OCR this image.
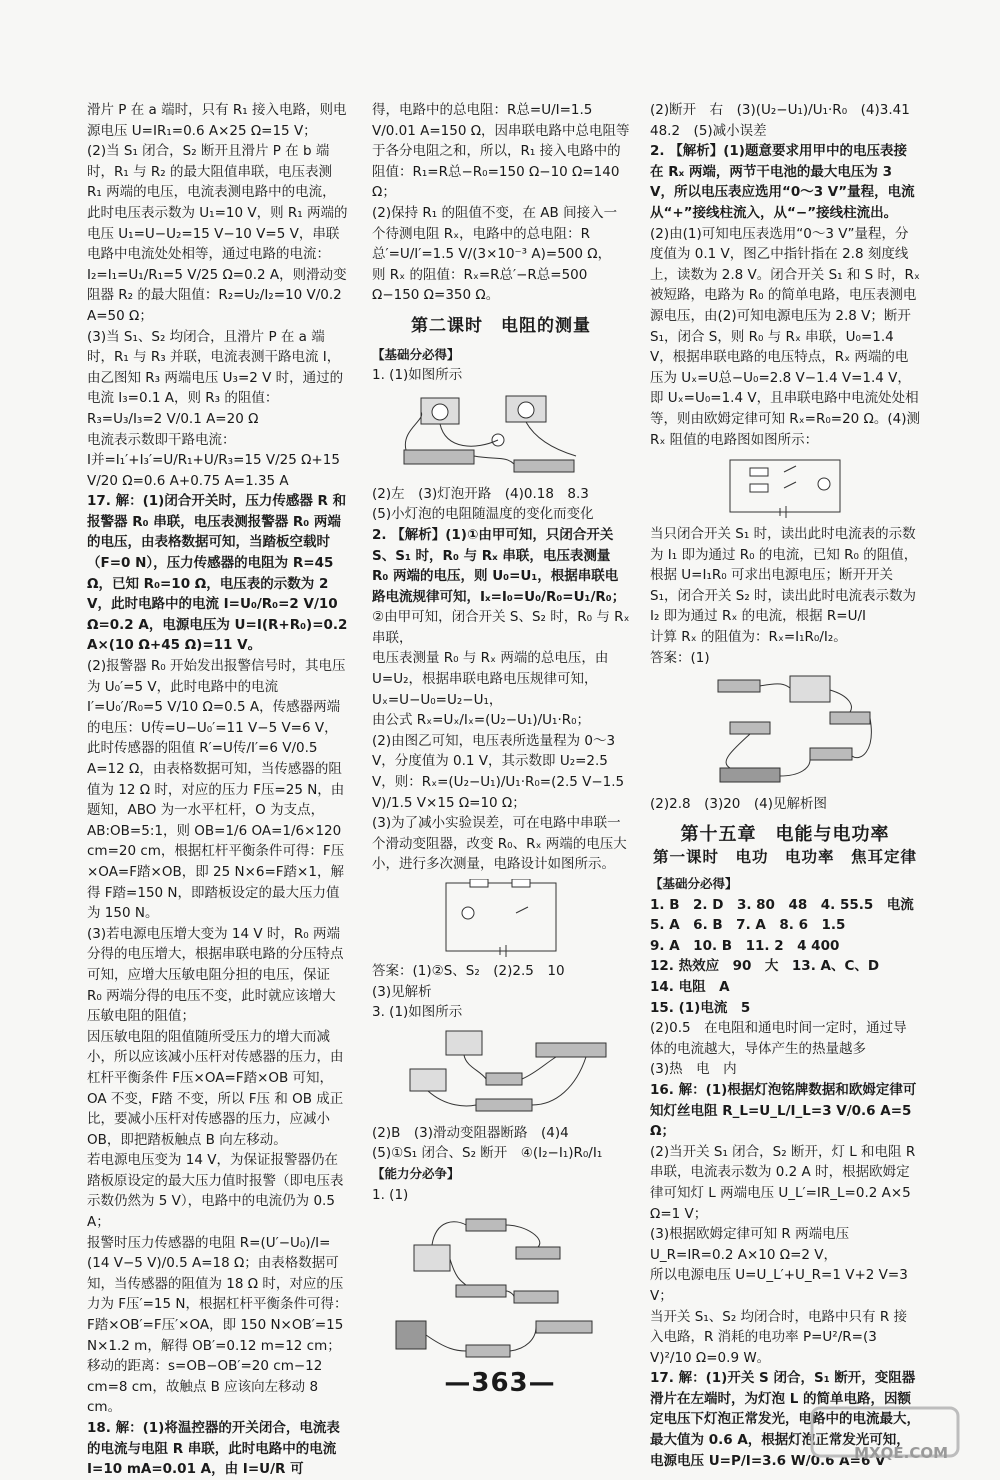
滑片 P 在 a 端时，只有 R₁ 接入电路，则电源电压 U=IR₁=0.6 A×25 Ω=15 V；

(2)当 S₁ 闭合，S₂ 断开且滑片 P 在 b 端时，R₁ 与 R₂ 的最大阻值串联，电压表测 R₁ 两端的电压，电流表测电路中的电流，此时电压表示数为 U₁=10 V，则 R₁ 两端的电压 U₁=U−U₂=15 V−10 V=5 V，串联电路中电流处处相等，通过电路的电流：I₂=I₁=U₁/R₁=5 V/25 Ω=0.2 A，则滑动变阻器 R₂ 的最大阻值：R₂=U₂/I₂=10 V/0.2 A=50 Ω；

(3)当 S₁、S₂ 均闭合，且滑片 P 在 a 端时，R₁ 与 R₃ 并联，电流表测干路电流 I，由乙图知 R₃ 两端电压 U₃=2 V 时，通过的电流 I₃=0.1 A，则 R₃ 的阻值：R₃=U₃/I₃=2 V/0.1 A=20 Ω

电流表示数即干路电流：

I并=I₁′+I₃′=U/R₁+U/R₃=15 V/25 Ω+15 V/20 Ω=0.6 A+0.75 A=1.35 A

17. 解：(1)闭合开关时，压力传感器 R 和报警器 R₀ 串联，电压表测报警器 R₀ 两端的电压，由表格数据可知，当踏板空载时（F=0 N），压力传感器的电阻为 R=45 Ω，已知 R₀=10 Ω，电压表的示数为 2 V，此时电路中的电流 I=U₀/R₀=2 V/10 Ω=0.2 A，电源电压为 U=I(R+R₀)=0.2 A×(10 Ω+45 Ω)=11 V。

(2)报警器 R₀ 开始发出报警信号时，其电压为 U₀′=5 V，此时电路中的电流 I′=U₀′/R₀=5 V/10 Ω=0.5 A，传感器两端的电压：U传=U−U₀′=11 V−5 V=6 V，此时传感器的阻值 R′=U传/I′=6 V/0.5 A=12 Ω，由表格数据可知，当传感器的阻值为 12 Ω 时，对应的压力 F压=25 N，由题知，ABO 为一水平杠杆，O 为支点，AB:OB=5:1，则 OB=1/6 OA=1/6×120 cm=20 cm，根据杠杆平衡条件可得：F压×OA=F踏×OB，即 25 N×6=F踏×1，解得 F踏=150 N，即踏板设定的最大压力值为 150 N。

(3)若电源电压增大变为 14 V 时，R₀ 两端分得的电压增大，根据串联电路的分压特点可知，应增大压敏电阻分担的电压，保证 R₀ 两端分得的电压不变，此时就应该增大压敏电阻的阻值；

因压敏电阻的阻值随所受压力的增大而减小，所以应该减小压杆对传感器的压力，由杠杆平衡条件 F压×OA=F踏×OB 可知，OA 不变，F踏 不变，所以 F压 和 OB 成正比，要减小压杆对传感器的压力，应减小 OB，即把踏板触点 B 向左移动。

若电源电压变为 14 V，为保证报警器仍在踏板原设定的最大压力值时报警（即电压表示数仍然为 5 V），电路中的电流仍为 0.5 A；

报警时压力传感器的电阻 R=(U′−U₀)/I=(14 V−5 V)/0.5 A=18 Ω；由表格数据可知，当传感器的阻值为 18 Ω 时，对应的压力为 F压′=15 N，根据杠杆平衡条件可得：F踏×OB′=F压′×OA，即 150 N×OB′=15 N×1.2 m，解得 OB′=0.12 m=12 cm；移动的距离：s=OB−OB′=20 cm−12 cm=8 cm，故触点 B 应该向左移动 8 cm。

18. 解：(1)将温控器的开关闭合，电流表的电流与电阻 R 串联，此时电路中的电流 I=10 mA=0.01 A，由 I=U/R 可

得，电路中的总电阻：R总=U/I=1.5 V/0.01 A=150 Ω，因串联电路中总电阻等于各分电阻之和，所以，R₁ 接入电路中的阻值：R₁=R总−R₀=150 Ω−10 Ω=140 Ω；

(2)保持 R₁ 的阻值不变，在 AB 间接入一个待测电阻 Rₓ，电路中的总电阻：R总′=U/I′=1.5 V/(3×10⁻³ A)=500 Ω，

则 Rₓ 的阻值：Rₓ=R总′−R总=500 Ω−150 Ω=350 Ω。

第二课时　电阻的测量
【基础分必得】

1. (1)如图所示

(2)左　(3)灯泡开路　(4)0.18　8.3

(5)小灯泡的电阻随温度的变化而变化

2. 【解析】(1)①由甲可知，只闭合开关 S、S₁ 时，R₀ 与 Rₓ 串联，电压表测量 R₀ 两端的电压，则 U₀=U₁，根据串联电路电流规律可知，Iₓ=I₀=U₀/R₀=U₁/R₀；

②由甲可知，闭合开关 S、S₂ 时，R₀ 与 Rₓ 串联，

电压表测量 R₀ 与 Rₓ 两端的总电压，由 U=U₂，根据串联电路电压规律可知，Uₓ=U−U₀=U₂−U₁，

由公式 Rₓ=Uₓ/Iₓ=(U₂−U₁)/U₁·R₀；

(2)由图乙可知，电压表所选量程为 0～3 V，分度值为 0.1 V，其示数即 U₂=2.5 V，则：Rₓ=(U₂−U₁)/U₁·R₀=(2.5 V−1.5 V)/1.5 V×15 Ω=10 Ω；

(3)为了减小实验误差，可在电路中串联一个滑动变阻器，改变 R₀、Rₓ 两端的电压大小，进行多次测量，电路设计如图所示。

答案：(1)②S、S₂　(2)2.5　10

(3)见解析

3. (1)如图所示

(2)B　(3)滑动变阻器断路　(4)4

(5)①S₁ 闭合、S₂ 断开　④(I₂−I₁)R₀/I₁

【能力分必争】

1. (1)

(2)断开　右　(3)(U₂−U₁)/U₁·R₀　(4)3.41

48.2　(5)减小误差

2. 【解析】(1)题意要求用甲中的电压表接在 Rₓ 两端，两节干电池的最大电压为 3 V，所以电压表应选用“0～3 V”量程，电流从“+”接线柱流入，从“−”接线柱流出。

(2)由(1)可知电压表选用“0～3 V”量程，分度值为 0.1 V，图乙中指针指在 2.8 刻度线上，读数为 2.8 V。闭合开关 S₁ 和 S 时，Rₓ 被短路，电路为 R₀ 的简单电路，电压表测电源电压，由(2)可知电源电压为 2.8 V；断开 S₁，闭合 S，则 R₀ 与 Rₓ 串联，U₀=1.4 V，根据串联电路的电压特点，Rₓ 两端的电压为 Uₓ=U总−U₀=2.8 V−1.4 V=1.4 V，即 Uₓ=U₀=1.4 V，且串联电路中电流处处相等，则由欧姆定律可知 Rₓ=R₀=20 Ω。(4)测 Rₓ 阻值的电路图如图所示：

当只闭合开关 S₁ 时，读出此时电流表的示数为 I₁ 即为通过 R₀ 的电流，已知 R₀ 的阻值，根据 U=I₁R₀ 可求出电源电压；断开开关 S₁，闭合开关 S₂ 时，读出此时电流表示数为 I₂ 即为通过 Rₓ 的电流，根据 R=U/I

计算 Rₓ 的阻值为：Rₓ=I₁R₀/I₂。

答案：(1)

(2)2.8　(3)20　(4)见解析图

第十五章　电能与电功率
第一课时　电功　电功率　焦耳定律
【基础分必得】

1. B　2. D　3. 80　48　4. 55.5　电流

5. A　6. B　7. A　8. 6　1.5

9. A　10. B　11. 2　4 400

12. 热效应　90　大　13. A、C、D

14. 电阻　A

15. (1)电流　5

(2)0.5　在电阻和通电时间一定时，通过导体的电流越大，导体产生的热量越多

(3)热　电　内

16. 解：(1)根据灯泡铭牌数据和欧姆定律可知灯丝电阻 R_L=U_L/I_L=3 V/0.6 A=5 Ω；

(2)当开关 S₁ 闭合，S₂ 断开，灯 L 和电阻 R 串联，电流表示数为 0.2 A 时，根据欧姆定律可知灯 L 两端电压 U_L′=IR_L=0.2 A×5 Ω=1 V；

(3)根据欧姆定律可知 R 两端电压 U_R=IR=0.2 A×10 Ω=2 V，

所以电源电压 U=U_L′+U_R=1 V+2 V=3 V；

当开关 S₁、S₂ 均闭合时，电路中只有 R 接入电路，R 消耗的电功率 P=U²/R=(3 V)²/10 Ω=0.9 W。

17. 解：(1)开关 S 闭合，S₁ 断开，变阻器滑片在左端时，为灯泡 L 的简单电路，因额定电压下灯泡正常发光，电路中的电流最大，最大值为 0.6 A，根据灯泡正常发光可知，电源电压 U=P/I=3.6 W/0.6 A=6 V

—363—
MXQE.COM
